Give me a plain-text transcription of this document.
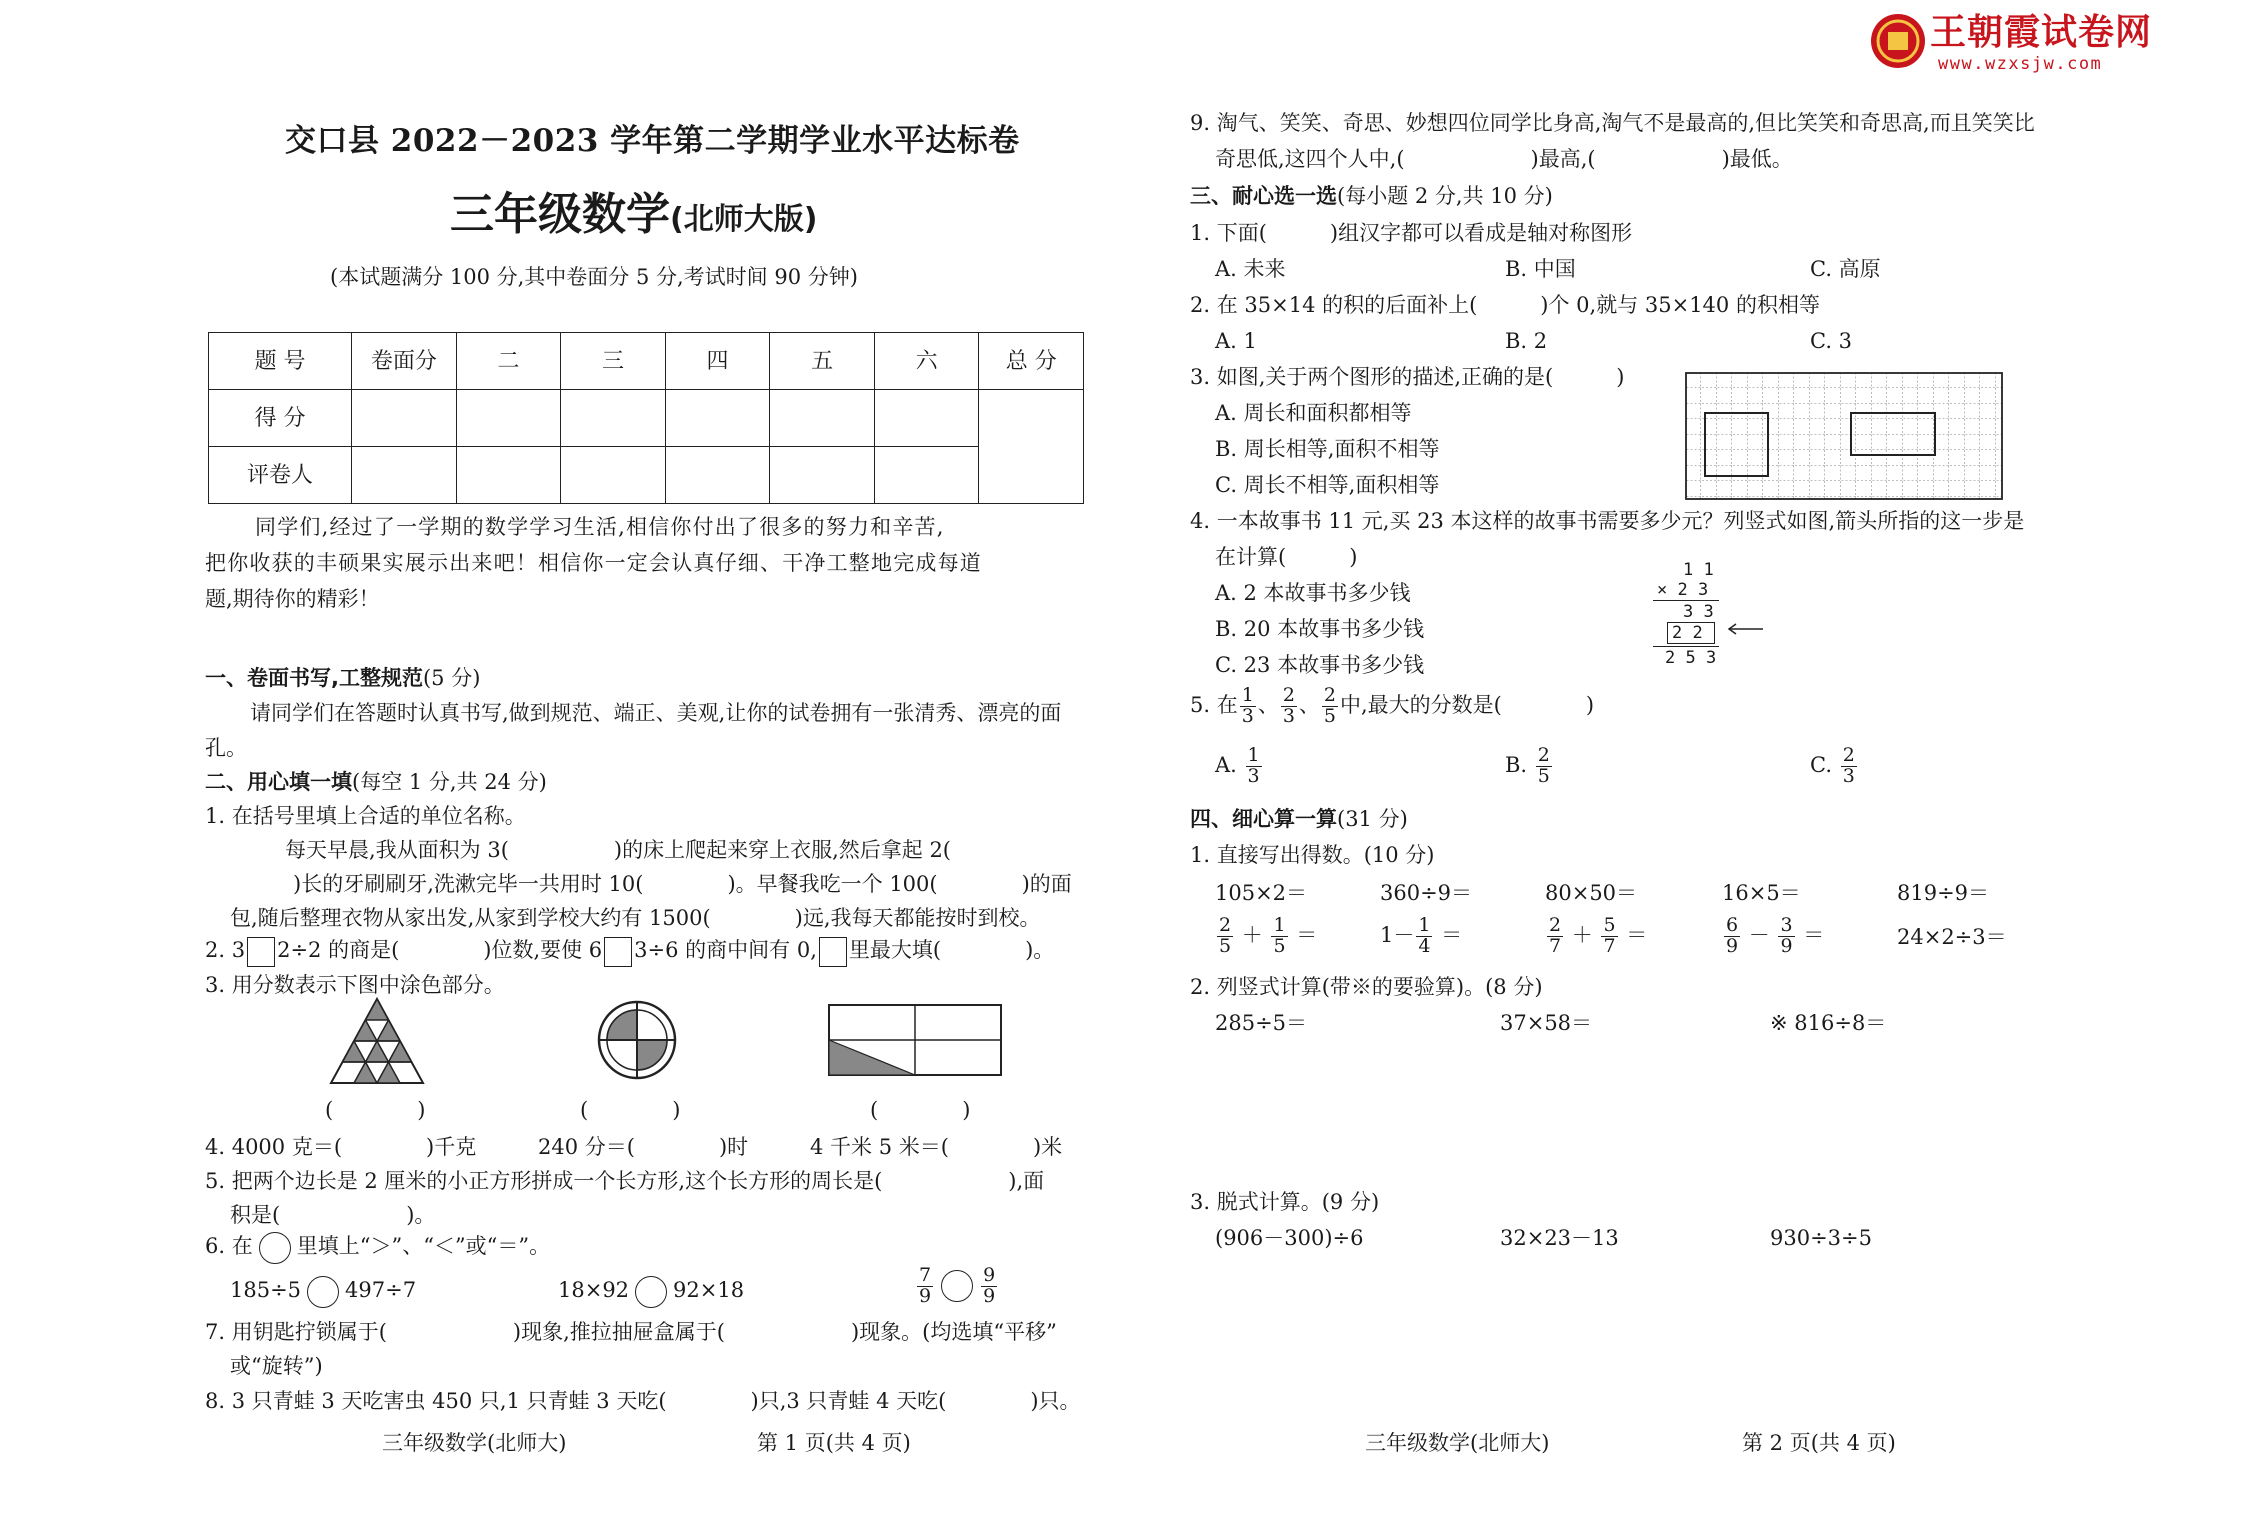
王朝霞试卷网
www.wzxsjw.com
交口县 2022－2023 学年第二学期学业水平达标卷
三年级数学(北师大版)
(本试题满分 100 分,其中卷面分 5 分,考试时间 90 分钟)
题 号	卷面分	二	三	四	五	六	总 分
得 分							
评卷人							
同学们,经过了一学期的数学学习生活,相信你付出了很多的努力和辛苦,
把你收获的丰硕果实展示出来吧！相信你一定会认真仔细、干净工整地完成每道
题,期待你的精彩！
一、卷面书写,工整规范(5 分)
请同学们在答题时认真书写,做到规范、端正、美观,让你的试卷拥有一张清秀、漂亮的面
孔。
二、用心填一填(每空 1 分,共 24 分)
1. 在括号里填上合适的单位名称。
每天早晨,我从面积为 3(　　　　　)的床上爬起来穿上衣服,然后拿起 2(
)长的牙刷刷牙,洗漱完毕一共用时 10(　　　　)。早餐我吃一个 100(　　　　)的面
包,随后整理衣物从家出发,从家到学校大约有 1500(　　　　)远,我每天都能按时到校。
2. 3 2÷2 的商是(　　　　)位数,要使 6 3÷6 的商中间有 0, 里最大填(　　　　)。
3. 用分数表示下图中涂色部分。
(　　　　)	(　　　　)	(　　　　)
4. 4000 克＝(　　　　)千克	240 分＝(　　　　)时	4 千米 5 米＝(　　　　)米
5. 把两个边长是 2 厘米的小正方形拼成一个长方形,这个长方形的周长是(　　　　　　),面
积是(　　　　　　)。
6. 在 里填上“＞”、“＜”或“＝”。
185÷5 497÷7	18×92 92×18	$\frac{7}{9}$	$\frac{9}{9}$
7. 用钥匙拧锁属于(　　　　　　)现象,推拉抽屉盒属于(　　　　　　)现象。(均选填“平移”
或“旋转”)
8. 3 只青蛙 3 天吃害虫 450 只,1 只青蛙 3 天吃(　　　　)只,3 只青蛙 4 天吃(　　　　)只。
三年级数学(北师大)	第 1 页(共 4 页)
9. 淘气、笑笑、奇思、妙想四位同学比身高,淘气不是最高的,但比笑笑和奇思高,而且笑笑比
奇思低,这四个人中,(　　　　　　)最高,(　　　　　　)最低。
三、耐心选一选(每小题 2 分,共 10 分)
1. 下面(　　　)组汉字都可以看成是轴对称图形
A. 未来	B. 中国	C. 高原
2. 在 35×14 的积的后面补上(　　　)个 0,就与 35×140 的积相等
A. 1	B. 2	C. 3
3. 如图,关于两个图形的描述,正确的是(　　　)
A. 周长和面积都相等
B. 周长相等,面积不相等
C. 周长不相等,面积相等
4. 一本故事书 11 元,买 23 本这样的故事书需要多少元？列竖式如图,箭头所指的这一步是
在计算(　　　)
A. 2 本故事书多少钱
B. 20 本故事书多少钱
C. 23 本故事书多少钱
1 1
× 2 3
3 3
2 2
2 5 3
5. 在 $\frac{1}{3}$ 、 $\frac{2}{3}$ 、 $\frac{2}{5}$ 中,最大的分数是(　　　　)
A. $\frac{1}{3}$	B. $\frac{2}{5}$	C. $\frac{2}{3}$
四、细心算一算(31 分)
1. 直接写出得数。(10 分)
105×2＝	360÷9＝	80×50＝	16×5＝	819÷9＝
$\frac{2}{5} + \frac{1}{5}$ ＝	$1- \frac{1}{4}$ ＝	$\frac{2}{7} + \frac{5}{7}$ ＝	$\frac{6}{9} - \frac{3}{9}$ ＝	24×2÷3＝
2. 列竖式计算(带※的要验算)。(8 分)
285÷5＝	37×58＝	※ 816÷8＝
3. 脱式计算。(9 分)
(906－300)÷6	32×23－13	930÷3÷5
三年级数学(北师大)	第 2 页(共 4 页)
